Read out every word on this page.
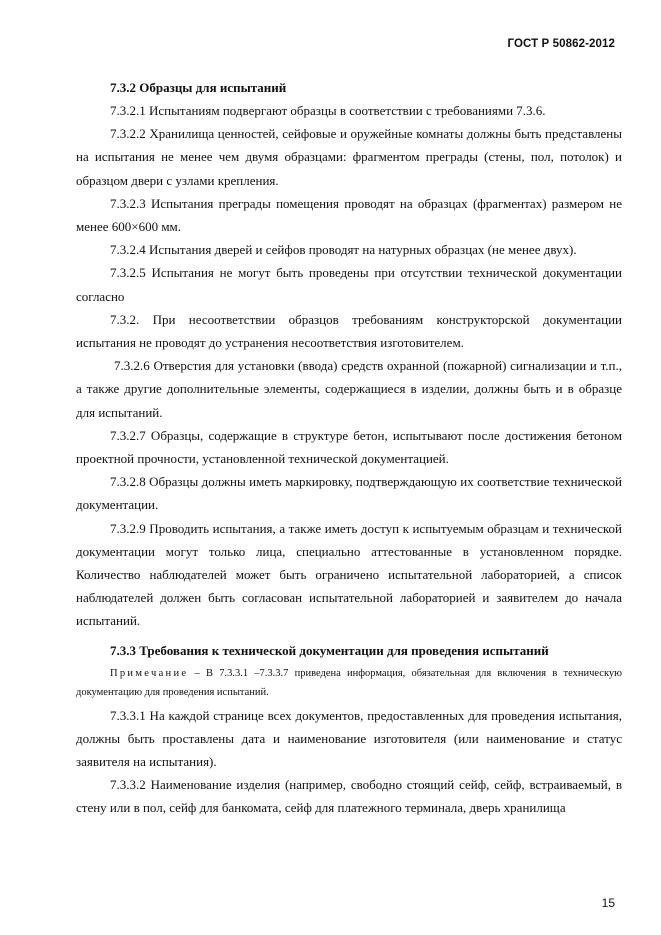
ГОСТ Р 50862-2012
7.3.2 Образцы для испытаний

7.3.2.1 Испытаниям подвергают образцы в соответствии с требованиями 7.3.6.

7.3.2.2 Хранилища ценностей, сейфовые и оружейные комнаты должны быть представлены на испытания не менее чем двумя образцами: фрагментом преграды (стены, пол, потолок) и образцом двери с узлами крепления.

7.3.2.3 Испытания преграды помещения проводят на образцах (фрагментах) размером не менее 600×600 мм.

7.3.2.4 Испытания дверей и сейфов проводят на натурных образцах (не менее двух).

7.3.2.5 Испытания не могут быть проведены при отсутствии технической документации согласно

7.3.2. При несоответствии образцов требованиям конструкторской документации испытания не проводят до устранения несоответствия изготовителем.

7.3.2.6 Отверстия для установки (ввода) средств охранной (пожарной) сигнализации и т.п., а также другие дополнительные элементы, содержащиеся в изделии, должны быть и в образце для испытаний.

7.3.2.7 Образцы, содержащие в структуре бетон, испытывают после достижения бетоном проектной прочности, установленной технической документацией.

7.3.2.8 Образцы должны иметь маркировку, подтверждающую их соответствие технической документации.

7.3.2.9 Проводить испытания, а также иметь доступ к испытуемым образцам и технической документации могут только лица, специально аттестованные в установленном порядке. Количество наблюдателей может быть ограничено испытательной лабораторией, а список наблюдателей должен быть согласован испытательной лабораторией и заявителем до начала испытаний.

7.3.3 Требования к технической документации для проведения испытаний

Примечание – В 7.3.3.1 –7.3.3.7 приведена информация, обязательная для включения в техническую документацию для проведения испытаний.

7.3.3.1 На каждой странице всех документов, предоставленных для проведения испытания, должны быть проставлены дата и наименование изготовителя (или наименование и статус заявителя на испытания).

7.3.3.2 Наименование изделия (например, свободно стоящий сейф, сейф, встраиваемый, в стену или в пол, сейф для банкомата, сейф для платежного терминала, дверь хранилища

15
